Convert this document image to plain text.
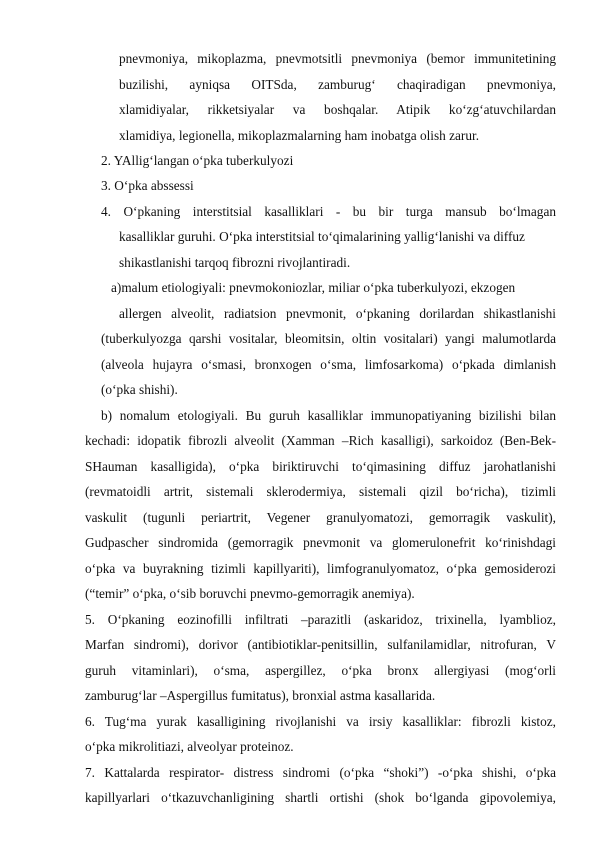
pnevmoniya, mikoplazma, pnevmotsitli pnevmoniya (bemor immunitetining
buzilishi, ayniqsa OITSda, zamburug‘ chaqiradigan pnevmoniya,
xlamidiyalar, rikketsiyalar va boshqalar. Atipik ko‘zg‘atuvchilardan
xlamidiya, legionella, mikoplazmalarning ham inobatga olish zarur.
2. YAllig‘langan o‘pka tuberkulyozi
3. O‘pka abssessi
4. O‘pkaning interstitsial kasalliklari - bu bir turga mansub bo‘lmagan
kasalliklar guruhi. O‘pka interstitsial to‘qimalarining yallig‘lanishi va diffuz
shikastlanishi tarqoq fibrozni rivojlantiradi.
a)malum etiologiyali: pnevmokoniozlar, miliar o‘pka tuberkulyozi, ekzogen
allergen alveolit, radiatsion pnevmonit, o‘pkaning dorilardan shikastlanishi
(tuberkulyozga qarshi vositalar, bleomitsin, oltin vositalari) yangi malumotlarda
(alveola hujayra o‘smasi, bronxogen o‘sma, limfosarkoma) o‘pkada dimlanish
(o‘pka shishi).
b) nomalum etologiyali. Bu guruh kasalliklar immunopatiyaning bizilishi bilan
kechadi: idopatik fibrozli alveolit (Xamman –Rich kasalligi), sarkoidoz (Ben-Bek-
SHauman kasalligida), o‘pka biriktiruvchi to‘qimasining diffuz jarohatlanishi
(revmatoidli artrit, sistemali sklerodermiya, sistemali qizil bo‘richa), tizimli
vaskulit (tugunli periartrit, Vegener granulyomatozi, gemorragik vaskulit),
Gudpascher sindromida (gemorragik pnevmonit va glomerulonefrit ko‘rinishdagi
o‘pka va buyrakning tizimli kapillyariti), limfogranulyomatoz, o‘pka gemosiderozi
(“temir” o‘pka, o‘sib boruvchi pnevmo-gemorragik anemiya).
5. O‘pkaning eozinofilli infiltrati –parazitli (askaridoz, trixinella, lyamblioz,
Marfan sindromi), dorivor (antibiotiklar-penitsillin, sulfanilamidlar, nitrofuran, V
guruh vitaminlari), o‘sma, aspergillez, o‘pka bronx allergiyasi (mog‘orli
zamburug‘lar –Aspergillus fumitatus), bronxial astma kasallarida.
6. Tug‘ma yurak kasalligining rivojlanishi va irsiy kasalliklar: fibrozli kistoz,
o‘pka mikrolitiazi, alveolyar proteinoz.
7. Kattalarda respirator- distress sindromi (o‘pka “shoki”) -o‘pka shishi, o‘pka
kapillyarlari o‘tkazuvchanligining shartli ortishi (shok bo‘lganda gipovolemiya,
